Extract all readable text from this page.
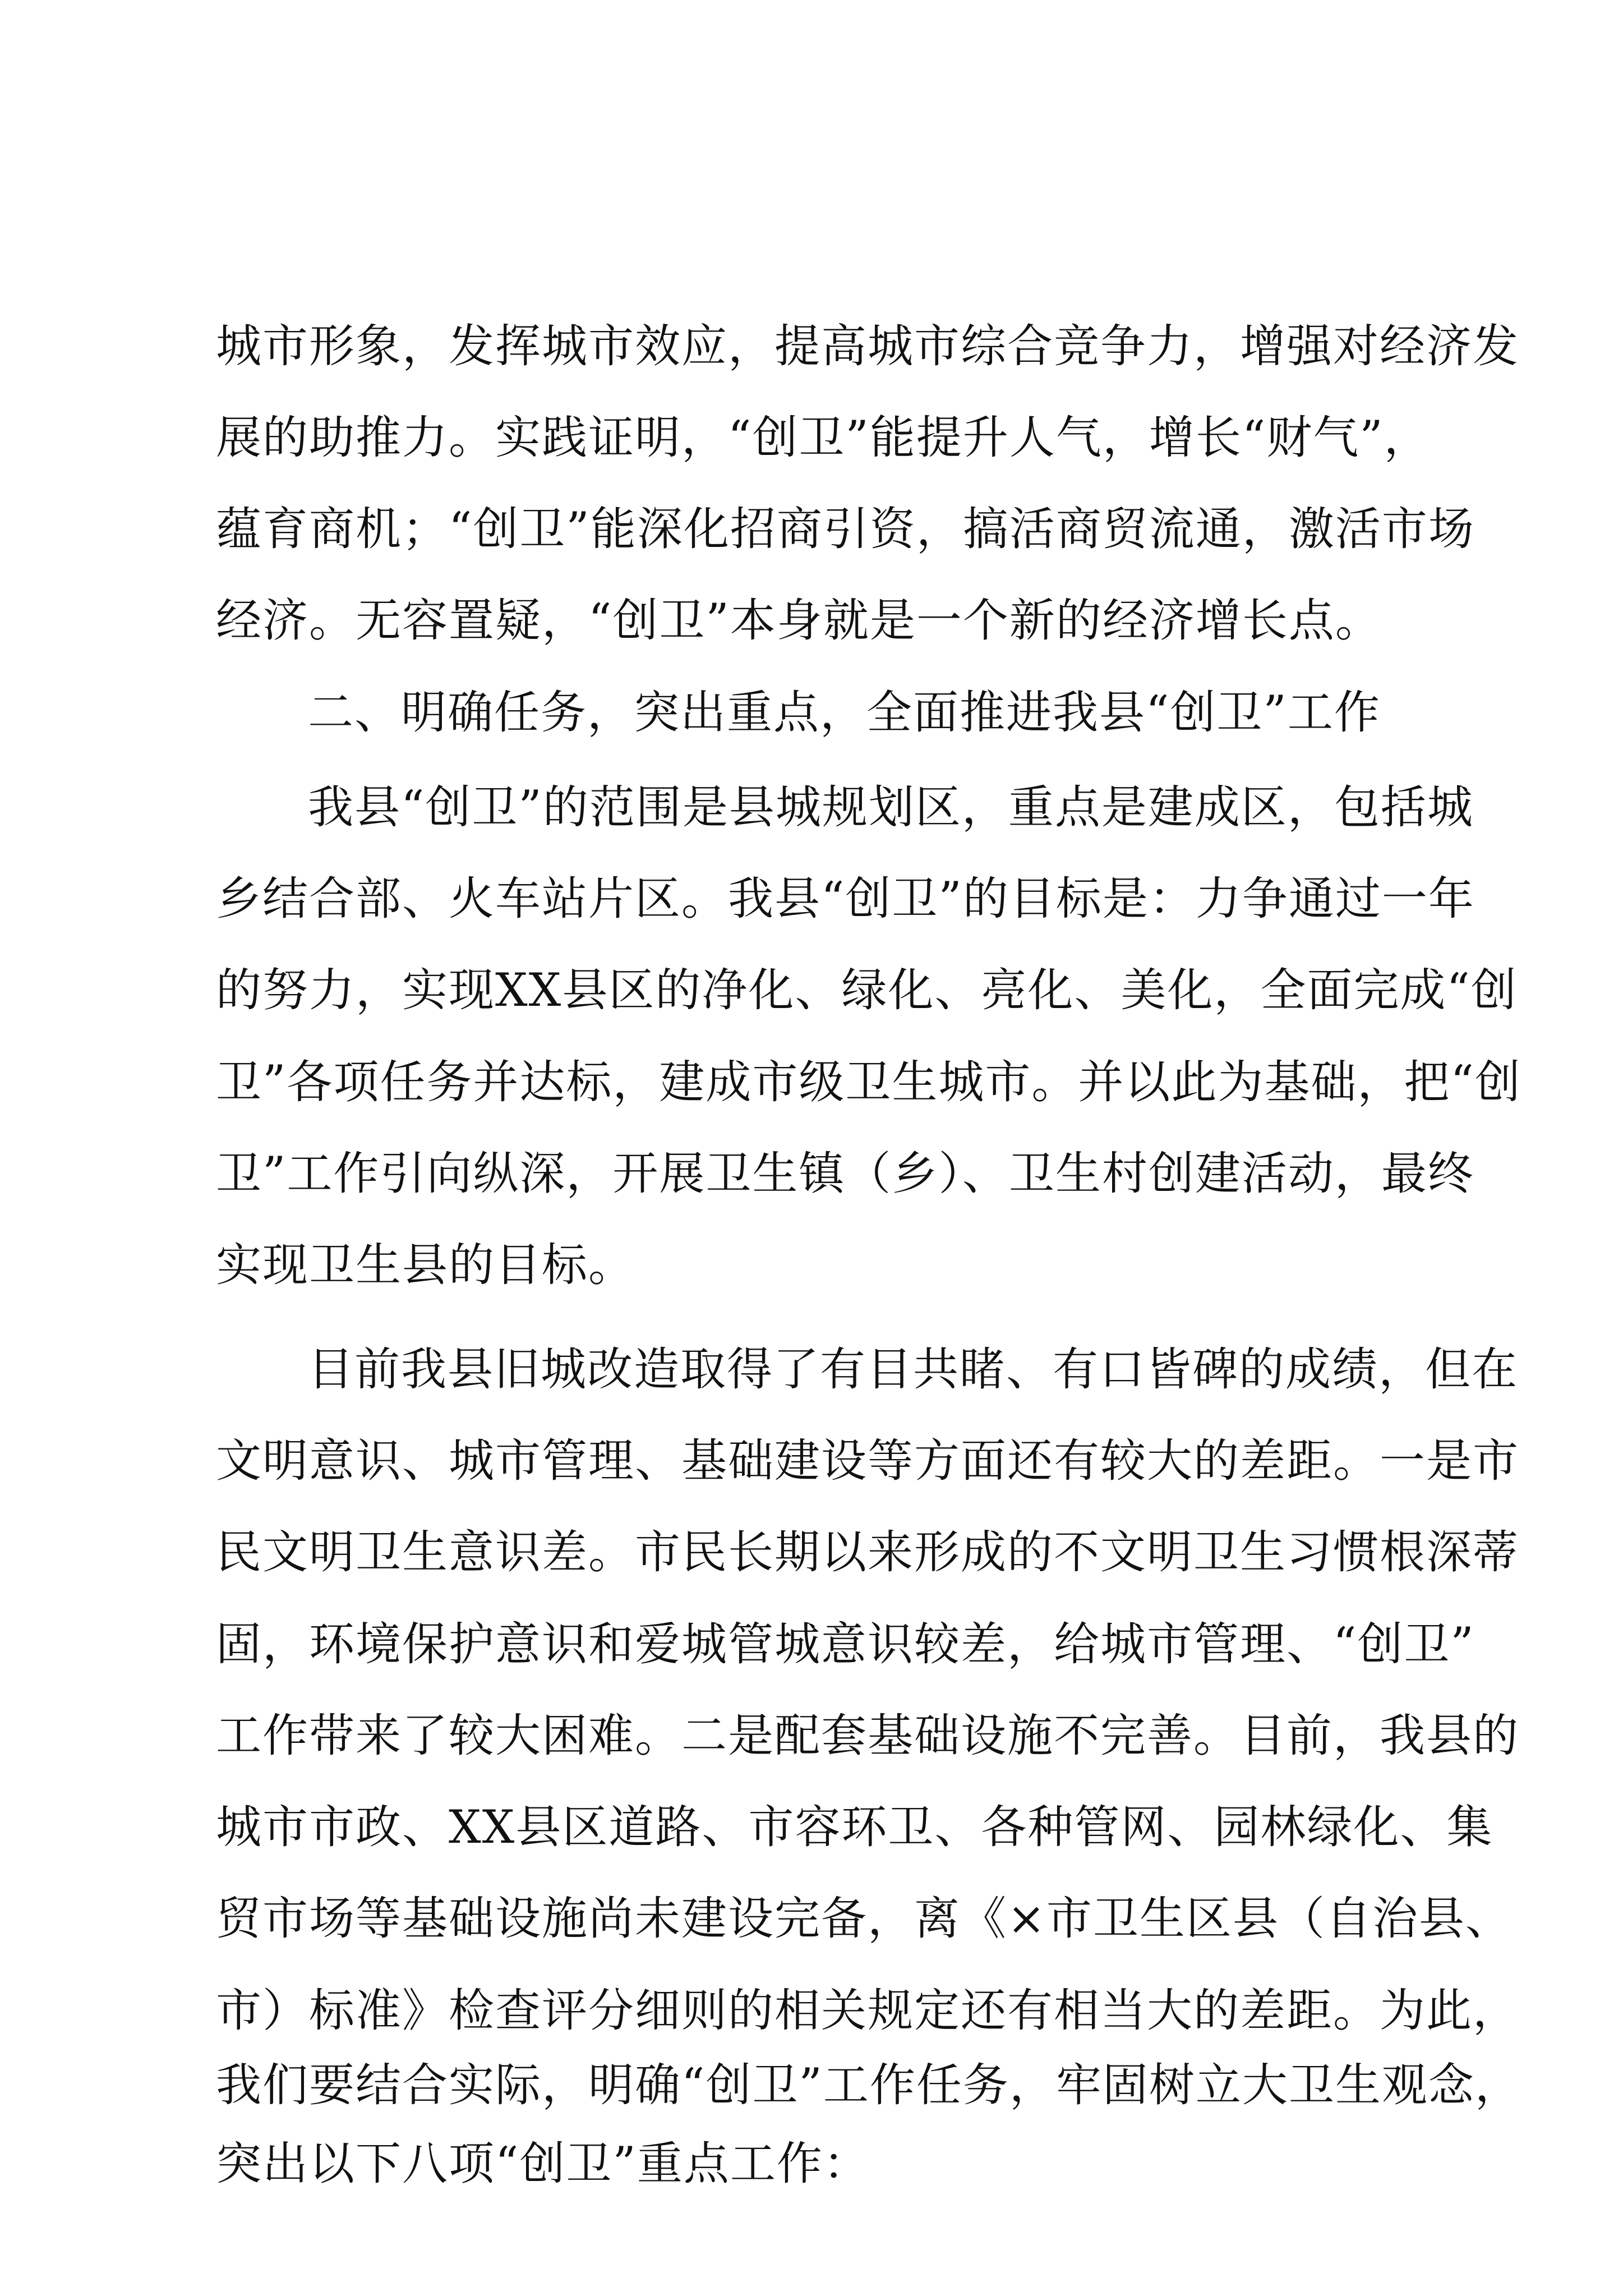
城市形象，发挥城市效应，提高城市综合竞争力，增强对经济发
展的助推力。实践证明，“创卫”能提升人气，增长“财气”，
蕴育商机；“创卫”能深化招商引资，搞活商贸流通，激活市场
经济。无容置疑，“创卫”本身就是一个新的经济增长点。
二、明确任务，突出重点，全面推进我县“创卫”工作
我县“创卫”的范围是县城规划区，重点是建成区，包括城
乡结合部、火车站片区。我县“创卫”的目标是：力争通过一年
的努力，实现XX县区的净化、绿化、亮化、美化，全面完成“创
卫”各项任务并达标，建成市级卫生城市。并以此为基础，把“创
卫”工作引向纵深，开展卫生镇（乡）、卫生村创建活动，最终
实现卫生县的目标。
目前我县旧城改造取得了有目共睹、有口皆碑的成绩，但在
文明意识、城市管理、基础建设等方面还有较大的差距。一是市
民文明卫生意识差。市民长期以来形成的不文明卫生习惯根深蒂
固，环境保护意识和爱城管城意识较差，给城市管理、“创卫”
工作带来了较大困难。二是配套基础设施不完善。目前，我县的
城市市政、XX县区道路、市容环卫、各种管网、园林绿化、集
贸市场等基础设施尚未建设完备，离《×市卫生区县（自治县、
市）标准》检查评分细则的相关规定还有相当大的差距。为此，
我们要结合实际，明确“创卫”工作任务，牢固树立大卫生观念，
突出以下八项“创卫”重点工作：
